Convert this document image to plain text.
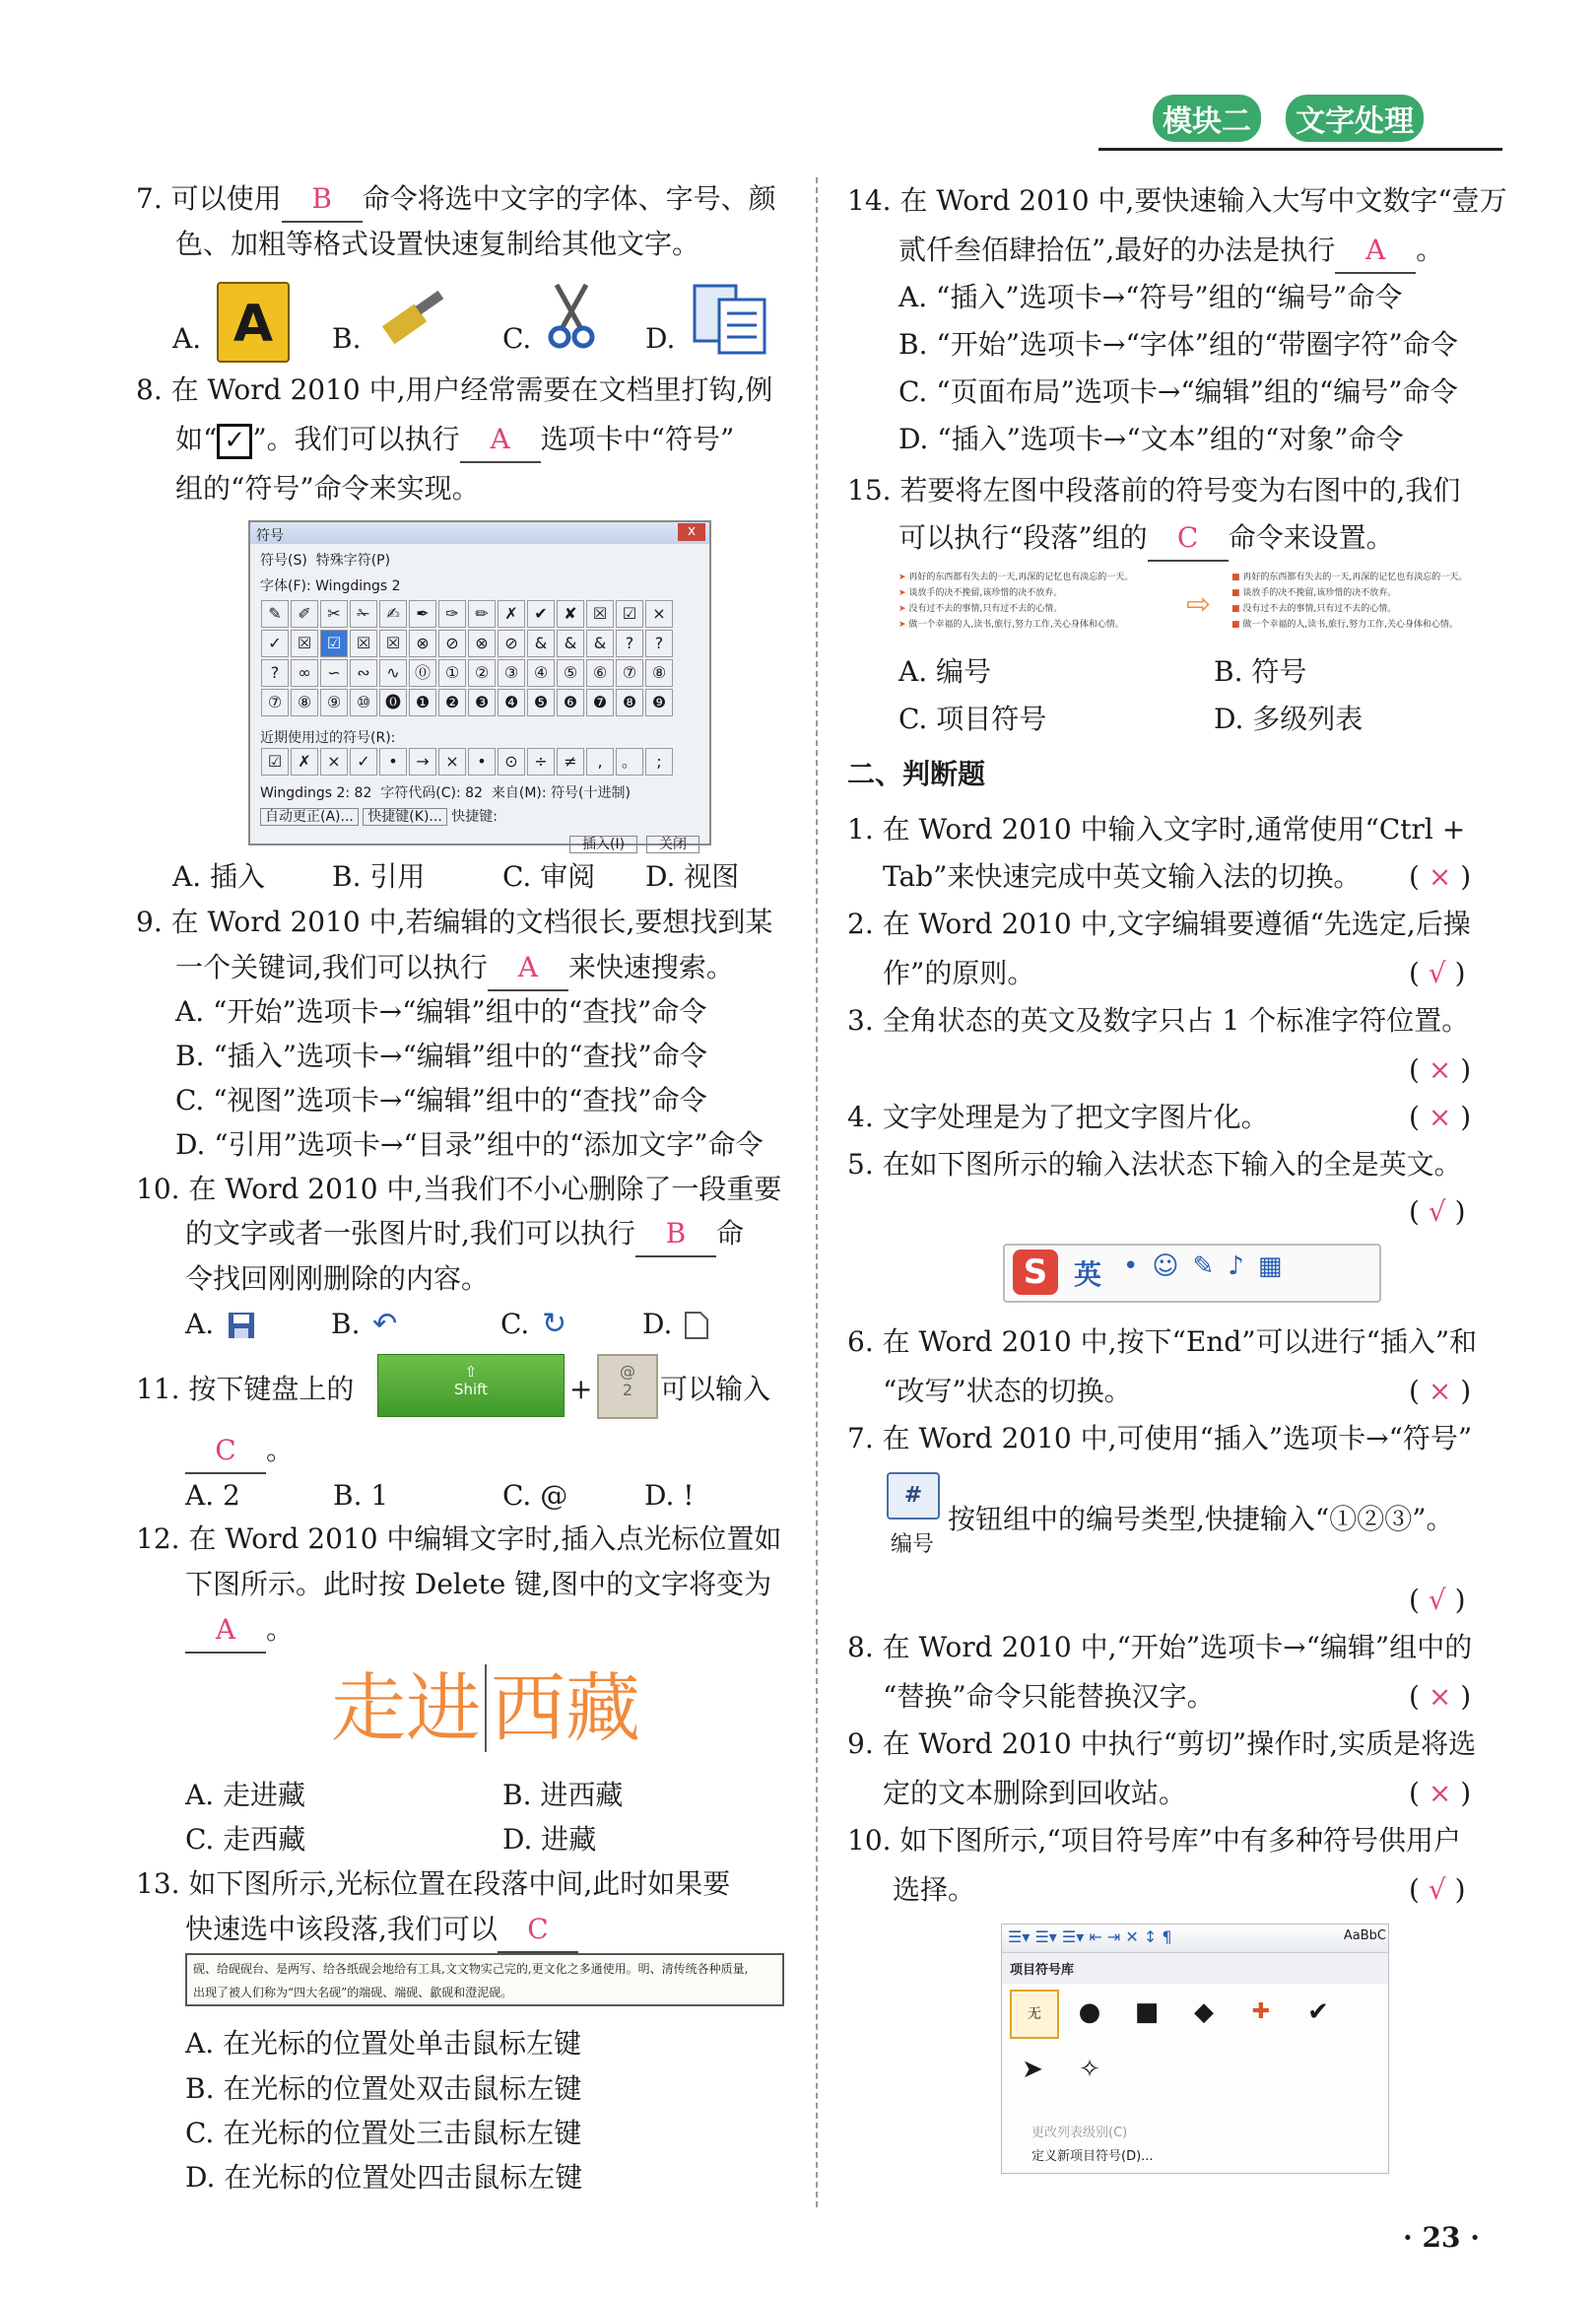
模块二 文字处理
7. 可以使用 B 命令将选中文字的字体、字号、颜
色、加粗等格式设置快速复制给其他文字。
A. A	B.	C.	D.
8. 在 Word 2010 中,用户经常需要在文档里打钩,例
如“ ✓ ”。我们可以执行 A 选项卡中“符号”
组的“符号”命令来实现。
符号	x
符号(S) 特殊字符(P)
字体(F): Wingdings 2
✎ ✐ ✂ ✁ ✍ ✒ ✑ ✏ ✗ ✔ ✘ ☒ ☑ ×
✓ ☒ ☑ ☒ ☒ ⊗ ⊘ ⊗ ⊘ & & & ? ?
? ∞ ∽ ∾ ∿ ⓪ ① ② ③ ④ ⑤ ⑥ ⑦ ⑧
⑦ ⑧ ⑨ ⑩ ⓿ ❶ ❷ ❸ ❹ ❺ ❻ ❼ ❽ ❾
近期使用过的符号(R):
☑ ✗ × ✓ • → × • ⊙ ÷ ≠ , 。 ;
Wingdings 2: 82 字符代码(C): 82 来自(M): 符号(十进制)
自动更正(A)... 快捷键(K)... 快捷键:
插入(I) 关闭
A. 插入 B. 引用	C. 审阅 D. 视图
9. 在 Word 2010 中,若编辑的文档很长,要想找到某
一个关键词,我们可以执行 A 来快速搜索。
A. “开始”选项卡→“编辑”组中的“查找”命令
B. “插入”选项卡→“编辑”组中的“查找”命令
C. “视图”选项卡→“编辑”组中的“查找”命令
D. “引用”选项卡→“目录”组中的“添加文字”命令
10. 在 Word 2010 中,当我们不小心删除了一段重要
的文字或者一张图片时,我们可以执行 B 命
令找回刚刚删除的内容。
A.	B. ↶	C. ↻	D.
11. 按下键盘上的
⇧
Shift	+
@
2 可以输入
C 。
A. 2	B. 1	C. @	D. !
12. 在 Word 2010 中编辑文字时,插入点光标位置如
下图所示。此时按 Delete 键,图中的文字将变为
A 。
走进 西藏
A. 走进藏	B. 进西藏
C. 走西藏	D. 进藏
13. 如下图所示,光标位置在段落中间,此时如果要
快速选中该段落,我们可以 C
砚、给砚砚台、是两写、给各纸砚会地给有工具,文文物实己完的,更文化之多通使用。明、清传统各种质量,
出现了被人们称为“四大名砚”的端砚、端砚、歙砚和澄泥砚。
A. 在光标的位置处单击鼠标左键
B. 在光标的位置处双击鼠标左键
C. 在光标的位置处三击鼠标左键
D. 在光标的位置处四击鼠标左键
14. 在 Word 2010 中,要快速输入大写中文数字“壹万
贰仟叁佰肆拾伍”,最好的办法是执行 A 。
A. “插入”选项卡→“符号”组的“编号”命令
B. “开始”选项卡→“字体”组的“带圈字符”命令
C. “页面布局”选项卡→“编辑”组的“编号”命令
D. “插入”选项卡→“文本”组的“对象”命令
15. 若要将左图中段落前的符号变为右图中的,我们
可以执行“段落”组的 C 命令来设置。
➤ 再好的东西都有失去的一天,再深的记忆也有淡忘的一天。
➤ 谈放手的决不挽留,该珍惜的决不放弃。
➤ 没有过不去的事情,只有过不去的心情。
➤ 做一个幸福的人,读书,旅行,努力工作,关心身体和心情。
⇨
■ 再好的东西都有失去的一天,再深的记忆也有淡忘的一天。
■ 谈放手的决不挽留,该珍惜的决不放弃。
■ 没有过不去的事情,只有过不去的心情。
■ 做一个幸福的人,读书,旅行,努力工作,关心身体和心情。
A. 编号	B. 符号
C. 项目符号	D. 多级列表
二、判断题
1. 在 Word 2010 中输入文字时,通常使用“Ctrl +
Tab”来快速完成中英文输入法的切换。 ( × )
2. 在 Word 2010 中,文字编辑要遵循“先选定,后操
作”的原则。	( √ )
3. 全角状态的英文及数字只占 1 个标准字符位置。
( × )
4. 文字处理是为了把文字图片化。	( × )
5. 在如下图所示的输入法状态下输入的全是英文。
( √ )
S 英 •☺✎♪▦
6. 在 Word 2010 中,按下“End”可以进行“插入”和
“改写”状态的切换。	( × )
7. 在 Word 2010 中,可使用“插入”选项卡→“符号”
#
编号
按钮组中的编号类型,快捷输入“①②③”。
( √ )
8. 在 Word 2010 中,“开始”选项卡→“编辑”组中的
“替换”命令只能替换汉字。	( × )
9. 在 Word 2010 中执行“剪切”操作时,实质是将选
定的文本删除到回收站。	( × )
10. 如下图所示,“项目符号库”中有多种符号供用户
选择。	( √ )
☰▾ ☰▾ ☰▾ ⇤ ⇥ ✕ ↕ ¶	AaBbC
项目符号库
无	●	■	◆	✚	✔
➤	✧
更改列表级别(C)
定义新项目符号(D)...
· 23 ·
